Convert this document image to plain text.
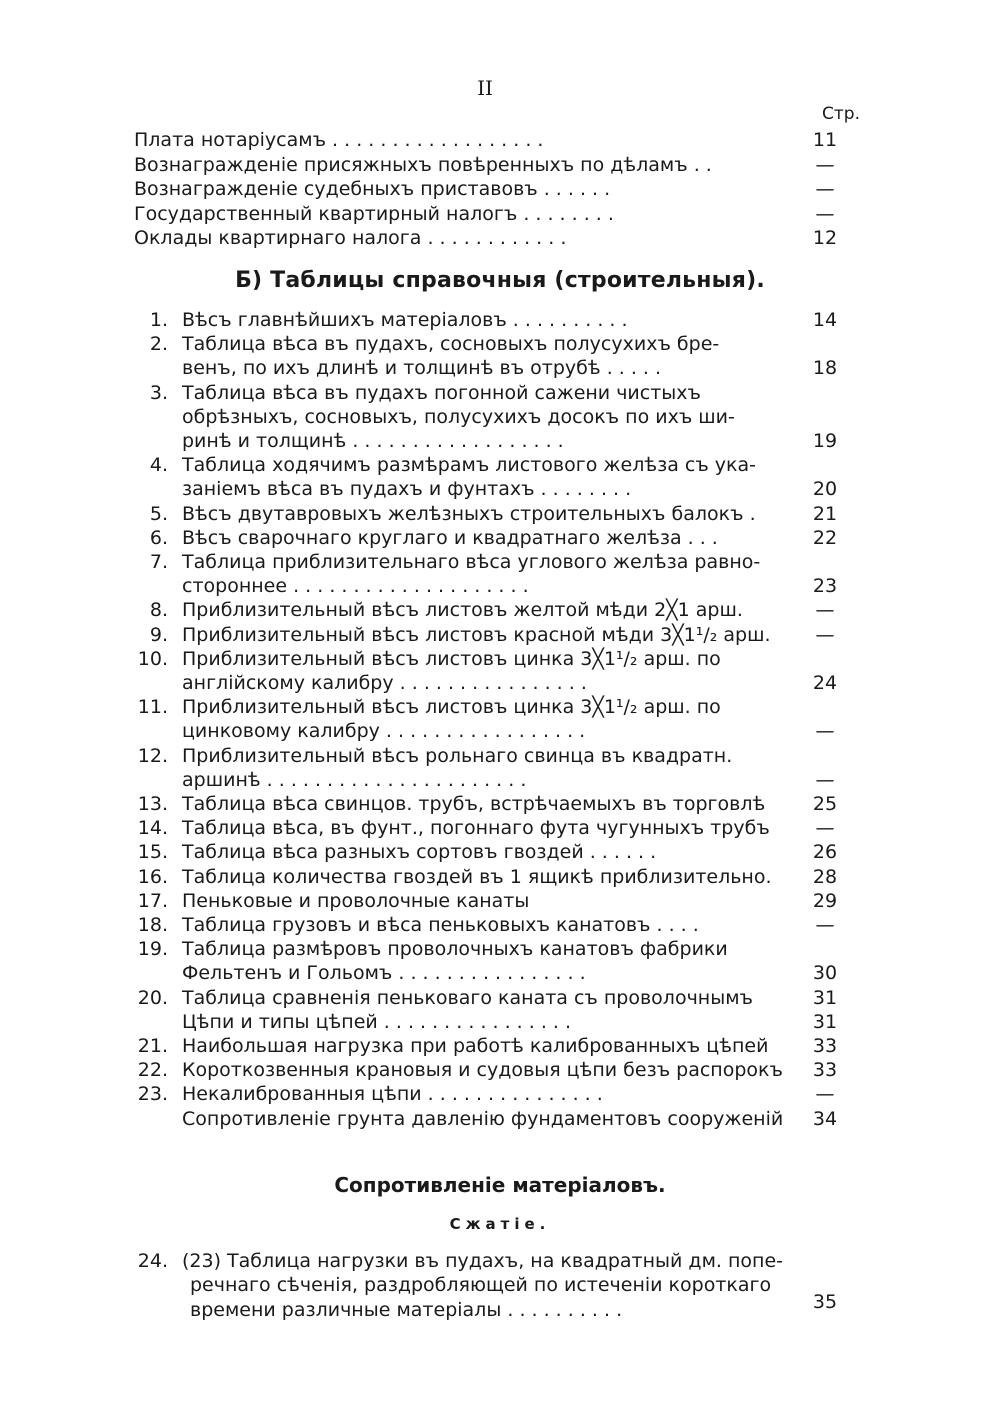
II
Стр.
Плата нотаріусамъ . . . . . . . . . . . . . . . . . .	11
Вознагражденіе присяжныхъ повѣренныхъ по дѣламъ . .	—
Вознагражденіе судебныхъ приставовъ . . . . . .	—
Государственный квартирный налогъ . . . . . . . .	—
Оклады квартирнаго налога . . . . . . . . . . . .	12
Б) Таблицы справочныя (строительныя).
1. Вѣсъ главнѣйшихъ матеріаловъ . . . . . . . . . .	14
2. Таблица вѣса въ пудахъ, сосновыхъ полусухихъ бре-
венъ, по ихъ длинѣ и толщинѣ въ отрубѣ . . . . .	18
3. Таблица вѣса въ пудахъ погонной сажени чистыхъ
обрѣзныхъ, сосновыхъ, полусухихъ досокъ по ихъ ши-
ринѣ и толщинѣ . . . . . . . . . . . . . . . . . .	19
4. Таблица ходячимъ размѣрамъ листового желѣза съ ука-
заніемъ вѣса въ пудахъ и фунтахъ . . . . . . . .	20
5. Вѣсъ двутавровыхъ желѣзныхъ строительныхъ балокъ .	21
6. Вѣсъ сварочнаго круглаго и квадратнаго желѣза . . .	22
7. Таблица приблизительнаго вѣса углового желѣза равно-
стороннее . . . . . . . . . . . . . . . . . . . .	23
8. Приблизительный вѣсъ листовъ желтой мѣди 2╳1 арш.	—
9. Приблизительный вѣсъ листовъ красной мѣди 3╳1¹/₂ арш.	—
10. Приблизительный вѣсъ листовъ цинка 3╳1¹/₂ арш. по
англійскому калибру . . . . . . . . . . . . . . . .	24
11. Приблизительный вѣсъ листовъ цинка 3╳1¹/₂ арш. по
цинковому калибру . . . . . . . . . . . . . . . . .	—
12. Приблизительный вѣсъ рольнаго свинца въ квадратн.
аршинѣ . . . . . . . . . . . . . . . . . . . . . .	—
13. Таблица вѣса свинцов. трубъ, встрѣчаемыхъ въ торговлѣ	25
14. Таблица вѣса, въ фунт., погоннаго фута чугунныхъ трубъ	—
15. Таблица вѣса разныхъ сортовъ гвоздей . . . . . .	26
16. Таблица количества гвоздей въ 1 ящикѣ приблизительно.	28
17. Пеньковые и проволочные канаты	29
18. Таблица грузовъ и вѣса пеньковыхъ канатовъ . . . .	—
19. Таблица размѣровъ проволочныхъ канатовъ фабрики
Фельтенъ и Гольомъ . . . . . . . . . . . . . . . .	30
20. Таблица сравненія пеньковаго каната съ проволочнымъ	31
Цѣпи и типы цѣпей . . . . . . . . . . . . . . . .	31
21. Наибольшая нагрузка при работѣ калиброванныхъ цѣпей	33
22. Короткозвенныя крановыя и судовыя цѣпи безъ распорокъ	33
23. Некалиброванныя цѣпи . . . . . . . . . . . . . . .	—
Сопротивленіе грунта давленію фундаментовъ сооруженій	34
Сопротивленіе матеріаловъ.
Сжатіе.
24. (23) Таблица нагрузки въ пудахъ, на квадратный дм. попе-
речнаго сѣченія, раздробляющей по истеченіи короткаго
времени различные матеріалы . . . . . . . . . .	35
